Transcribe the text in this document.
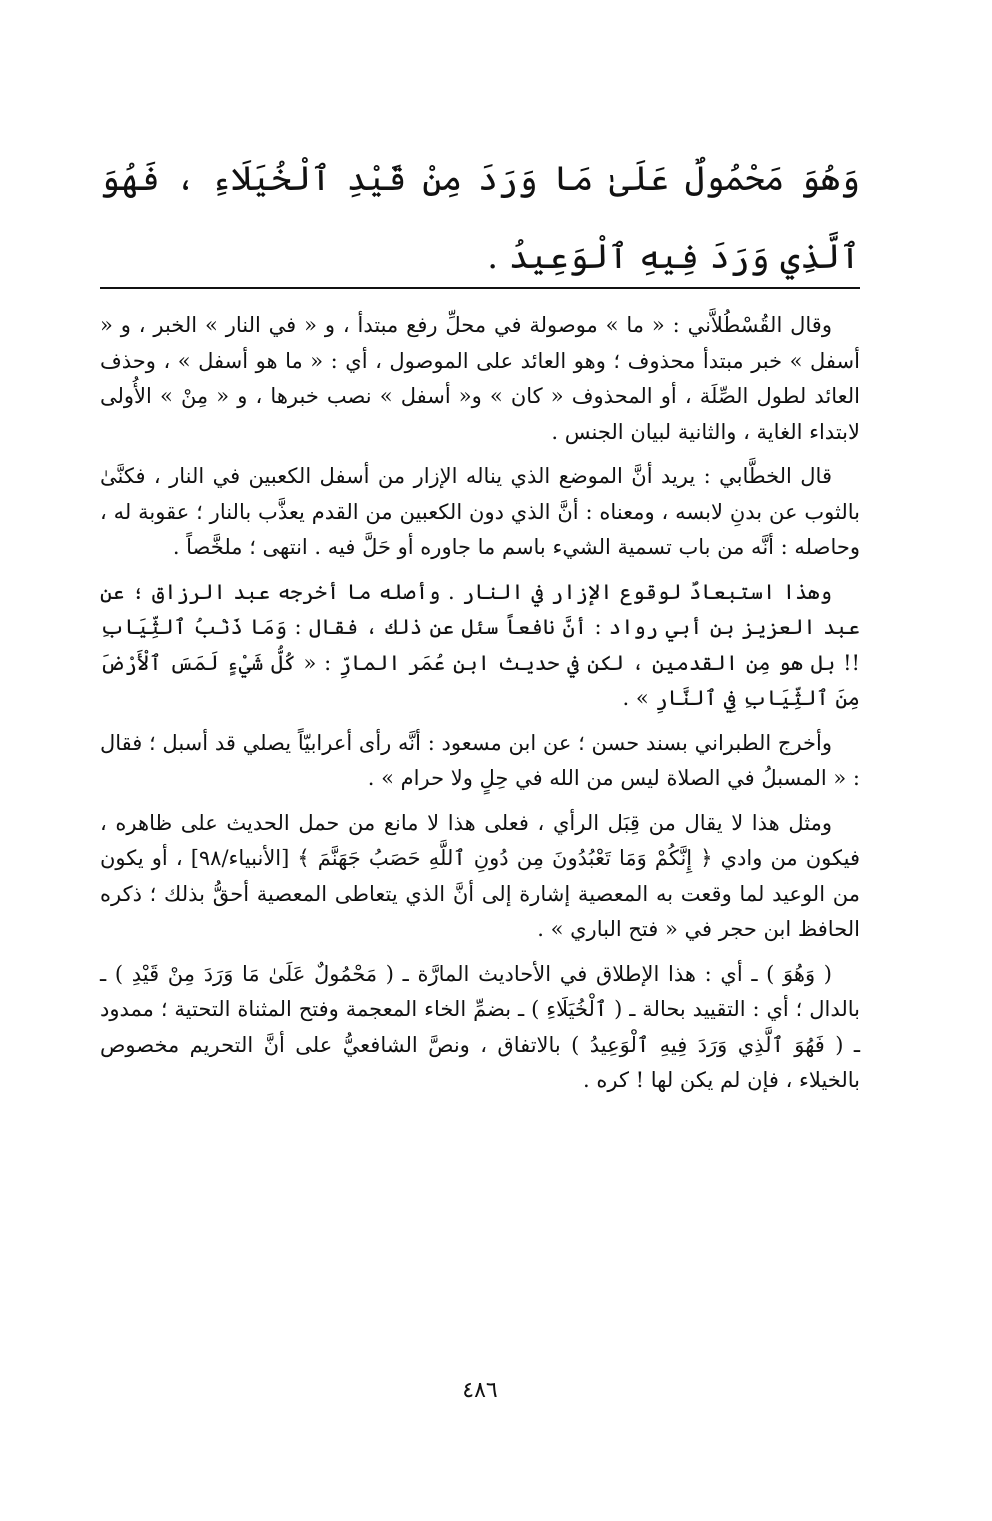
وَهُوَ مَحْمُولٌ عَلَىٰ مَا وَرَدَ مِنْ قَيْدِ ٱلْخُيَلَاءِ ، فَهُوَ ٱلَّذِي وَرَدَ فِيهِ ٱلْوَعِيدُ .

وقال القُسْطُلاَّني : « ما » موصولة في محلِّ رفع مبتدأ ، و « في النار » الخبر ، و « أسفل » خبر مبتدأ محذوف ؛ وهو العائد على الموصول ، أي : « ما هو أسفل » ، وحذف العائد لطول الصِّلَة ، أو المحذوف « كان » و« أسفل » نصب خبرها ، و « مِنْ » الأُولى لابتداء الغاية ، والثانية لبيان الجنس .

قال الخطَّابي : يريد أنَّ الموضع الذي يناله الإزار من أسفل الكعبين في النار ، فكنَّىٰ بالثوب عن بدنِ لابسه ، ومعناه : أنَّ الذي دون الكعبين من القدم يعذَّب بالنار ؛ عقوبة له ، وحاصله : أنَّه من باب تسمية الشيء باسم ما جاوره أو حَلَّ فيه . انتهى ؛ ملخَّصاً .

وهذا استبعادٌ لوقوع الإزار في النار . وأصله ما أخرجه عبد الرزاق ؛ عن عبد العزيز بن أبي رواد : أنَّ نافعاً سئل عن ذلك ، فقال : وَمَا ذَنْبُ ٱلثِّيَابِ !! بل هو مِن القدمين ، لكن في حديث ابن عُمَر المارِّ : « كُلُّ شَيْءٍ لَمَسَ ٱلْأَرْضَ مِنَ ٱلثِّيَابِ فِي ٱلنَّارِ » .

وأخرج الطبراني بسند حسن ؛ عن ابن مسعود : أنَّه رأى أعرابيّاً يصلي قد أسبل ؛ فقال : « المسبلُ في الصلاة ليس من الله في حِلٍ ولا حرام » .

ومثل هذا لا يقال من قِبَل الرأي ، فعلى هذا لا مانع من حمل الحديث على ظاهره ، فيكون من وادي ﴿ إِنَّكُمْ وَمَا تَعْبُدُونَ مِن دُونِ ٱللَّهِ حَصَبُ جَهَنَّمَ ﴾ [الأنبياء/٩٨] ، أو يكون من الوعيد لما وقعت به المعصية إشارة إلى أنَّ الذي يتعاطى المعصية أحقُّ بذلك ؛ ذكره الحافظ ابن حجر في « فتح الباري » .

( وَهُوَ ) ـ أي : هذا الإطلاق في الأحاديث المارَّة ـ ( مَحْمُولٌ عَلَىٰ مَا وَرَدَ مِنْ قَيْدِ ) ـ بالدال ؛ أي : التقييد بحالة ـ ( ٱلْخُيَلَاءِ ) ـ بضمِّ الخاء المعجمة وفتح المثناة التحتية ؛ ممدود ـ ( فَهُوَ ٱلَّذِي وَرَدَ فِيهِ ٱلْوَعِيدُ ) بالاتفاق ، ونصَّ الشافعيُّ على أنَّ التحريم مخصوص بالخيلاء ، فإن لم يكن لها ! كره .

٤٨٦
